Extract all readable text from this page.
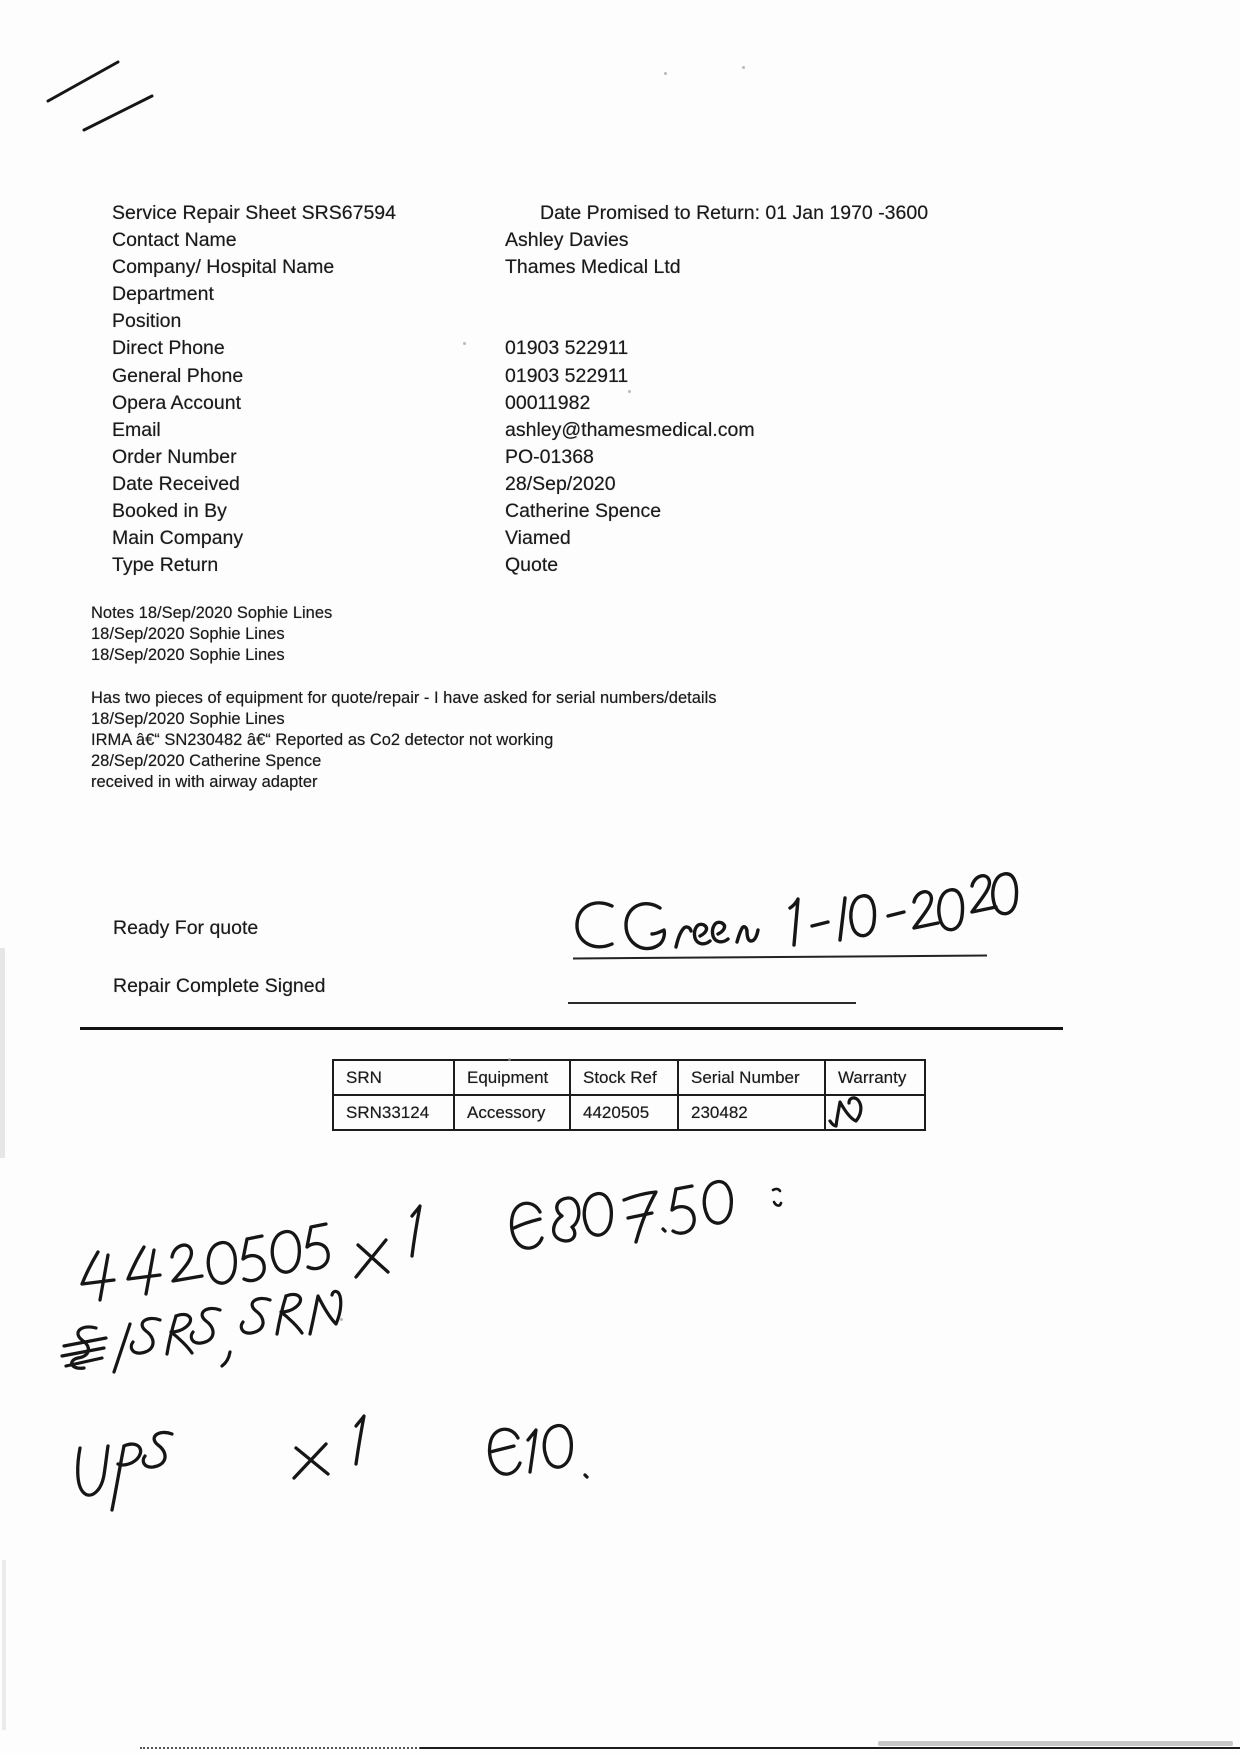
Service Repair Sheet SRS67594	Date Promised to Return: 01 Jan 1970 -3600
Contact Name	Ashley Davies
Company/ Hospital Name	Thames Medical Ltd
Department
Position
Direct Phone	01903 522911
General Phone	01903 522911
Opera Account	00011982
Email	ashley@thamesmedical.com
Order Number	PO-01368
Date Received	28/Sep/2020
Booked in By	Catherine Spence
Main Company	Viamed
Type Return	Quote
Notes 18/Sep/2020 Sophie Lines
18/Sep/2020 Sophie Lines
18/Sep/2020 Sophie Lines
Has two pieces of equipment for quote/repair - I have asked for serial numbers/details
18/Sep/2020 Sophie Lines
IRMA â€“ SN230482 â€“ Reported as Co2 detector not working
28/Sep/2020 Catherine Spence
received in with airway adapter
Ready For quote
Repair Complete Signed
SRN	Equipment	Stock Ref	Serial Number	Warranty
SRN33124	Accessory	4420505	230482	
